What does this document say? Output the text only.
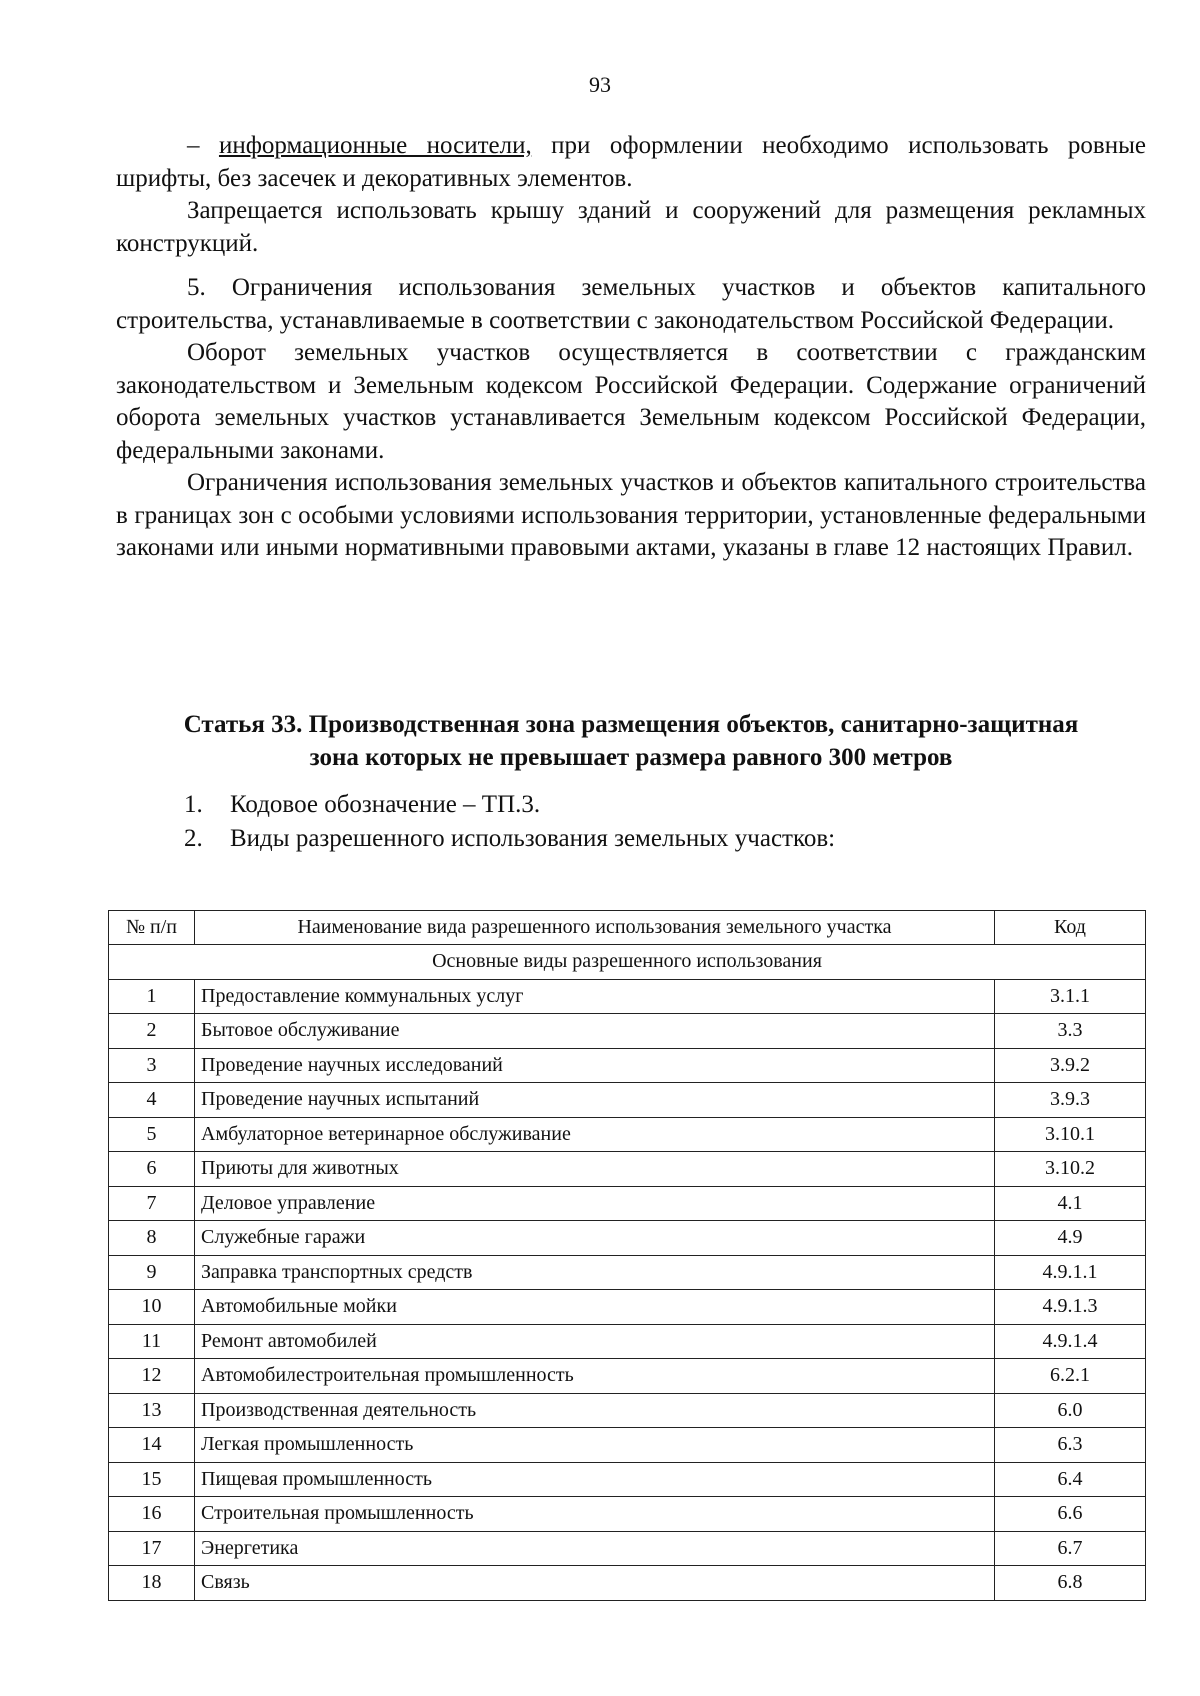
93

– информационные носители, при оформлении необходимо использовать ровные шрифты, без засечек и декоративных элементов.

Запрещается использовать крышу зданий и сооружений для размещения рекламных конструкций.

5. Ограничения использования земельных участков и объектов капитального строительства, устанавливаемые в соответствии с законодательством Российской Федерации.

Оборот земельных участков осуществляется в соответствии с гражданским законодательством и Земельным кодексом Российской Федерации. Содержание ограничений оборота земельных участков устанавливается Земельным кодексом Российской Федерации, федеральными законами.

Ограничения использования земельных участков и объектов капитального строительства в границах зон с особыми условиями использования территории, установленные федеральными законами или иными нормативными правовыми актами, указаны в главе 12 настоящих Правил.

Статья 33. Производственная зона размещения объектов, санитарно-защитная
зона которых не превышает размера равного 300 метров
1. Кодовое обозначение – ТП.3.
2. Виды разрешенного использования земельных участков:
№ п/п	Наименование вида разрешенного использования земельного участка	Код
Основные виды разрешенного использования		
1	Предоставление коммунальных услуг	3.1.1
2	Бытовое обслуживание	3.3
3	Проведение научных исследований	3.9.2
4	Проведение научных испытаний	3.9.3
5	Амбулаторное ветеринарное обслуживание	3.10.1
6	Приюты для животных	3.10.2
7	Деловое управление	4.1
8	Служебные гаражи	4.9
9	Заправка транспортных средств	4.9.1.1
10	Автомобильные мойки	4.9.1.3
11	Ремонт автомобилей	4.9.1.4
12	Автомобилестроительная промышленность	6.2.1
13	Производственная деятельность	6.0
14	Легкая промышленность	6.3
15	Пищевая промышленность	6.4
16	Строительная промышленность	6.6
17	Энергетика	6.7
18	Связь	6.8
